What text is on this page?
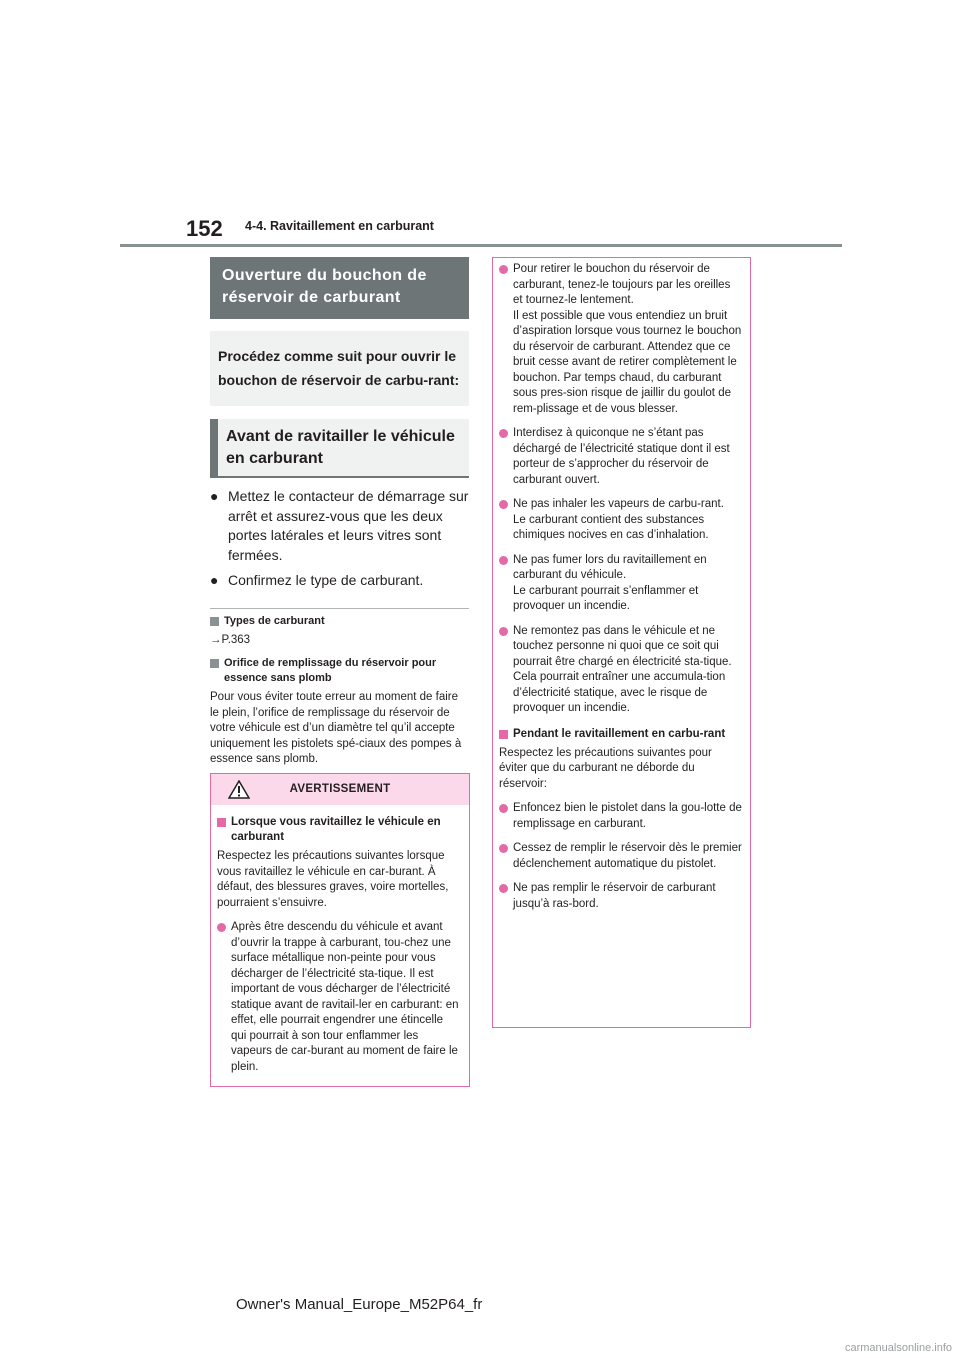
152 4-4. Ravitaillement en carburant
Ouverture du bouchon de réservoir de carburant
Procédez comme suit pour ouvrir le bouchon de réservoir de carbu-rant:
Avant de ravitailler le véhicule en carburant
● Mettez le contacteur de démarrage sur arrêt et assurez-vous que les deux portes latérales et leurs vitres sont fermées.
● Confirmez le type de carburant.
Types de carburant
→P.363
Orifice de remplissage du réservoir pour essence sans plomb
Pour vous éviter toute erreur au moment de faire le plein, l’orifice de remplissage du réservoir de votre véhicule est d’un diamètre tel qu’il accepte uniquement les pistolets spé-ciaux des pompes à essence sans plomb.
AVERTISSEMENT
Lorsque vous ravitaillez le véhicule en carburant
Respectez les précautions suivantes lorsque vous ravitaillez le véhicule en car-burant. À défaut, des blessures graves, voire mortelles, pourraient s’ensuivre.
Après être descendu du véhicule et avant d’ouvrir la trappe à carburant, tou-chez une surface métallique non-peinte pour vous décharger de l’électricité sta-tique. Il est important de vous décharger de l’électricité statique avant de ravitail-ler en carburant: en effet, elle pourrait engendrer une étincelle qui pourrait à son tour enflammer les vapeurs de car-burant au moment de faire le plein.
Pour retirer le bouchon du réservoir de carburant, tenez-le toujours par les oreilles et tournez-le lentement.
Il est possible que vous entendiez un bruit d’aspiration lorsque vous tournez le bouchon du réservoir de carburant. Attendez que ce bruit cesse avant de retirer complètement le bouchon. Par temps chaud, du carburant sous pres-sion risque de jaillir du goulot de rem-plissage et de vous blesser.
Interdisez à quiconque ne s’étant pas déchargé de l’électricité statique dont il est porteur de s’approcher du réservoir de carburant ouvert.
Ne pas inhaler les vapeurs de carbu-rant.
Le carburant contient des substances chimiques nocives en cas d’inhalation.
Ne pas fumer lors du ravitaillement en carburant du véhicule.
Le carburant pourrait s’enflammer et provoquer un incendie.
Ne remontez pas dans le véhicule et ne touchez personne ni quoi que ce soit qui pourrait être chargé en électricité sta-tique.
Cela pourrait entraîner une accumula-tion d’électricité statique, avec le risque de provoquer un incendie.
Pendant le ravitaillement en carbu-rant
Respectez les précautions suivantes pour éviter que du carburant ne déborde du réservoir:
Enfoncez bien le pistolet dans la gou-lotte de remplissage en carburant.
Cessez de remplir le réservoir dès le premier déclenchement automatique du pistolet.
Ne pas remplir le réservoir de carburant jusqu’à ras-bord.
Owner's Manual_Europe_M52P64_fr
carmanualsonline.info
